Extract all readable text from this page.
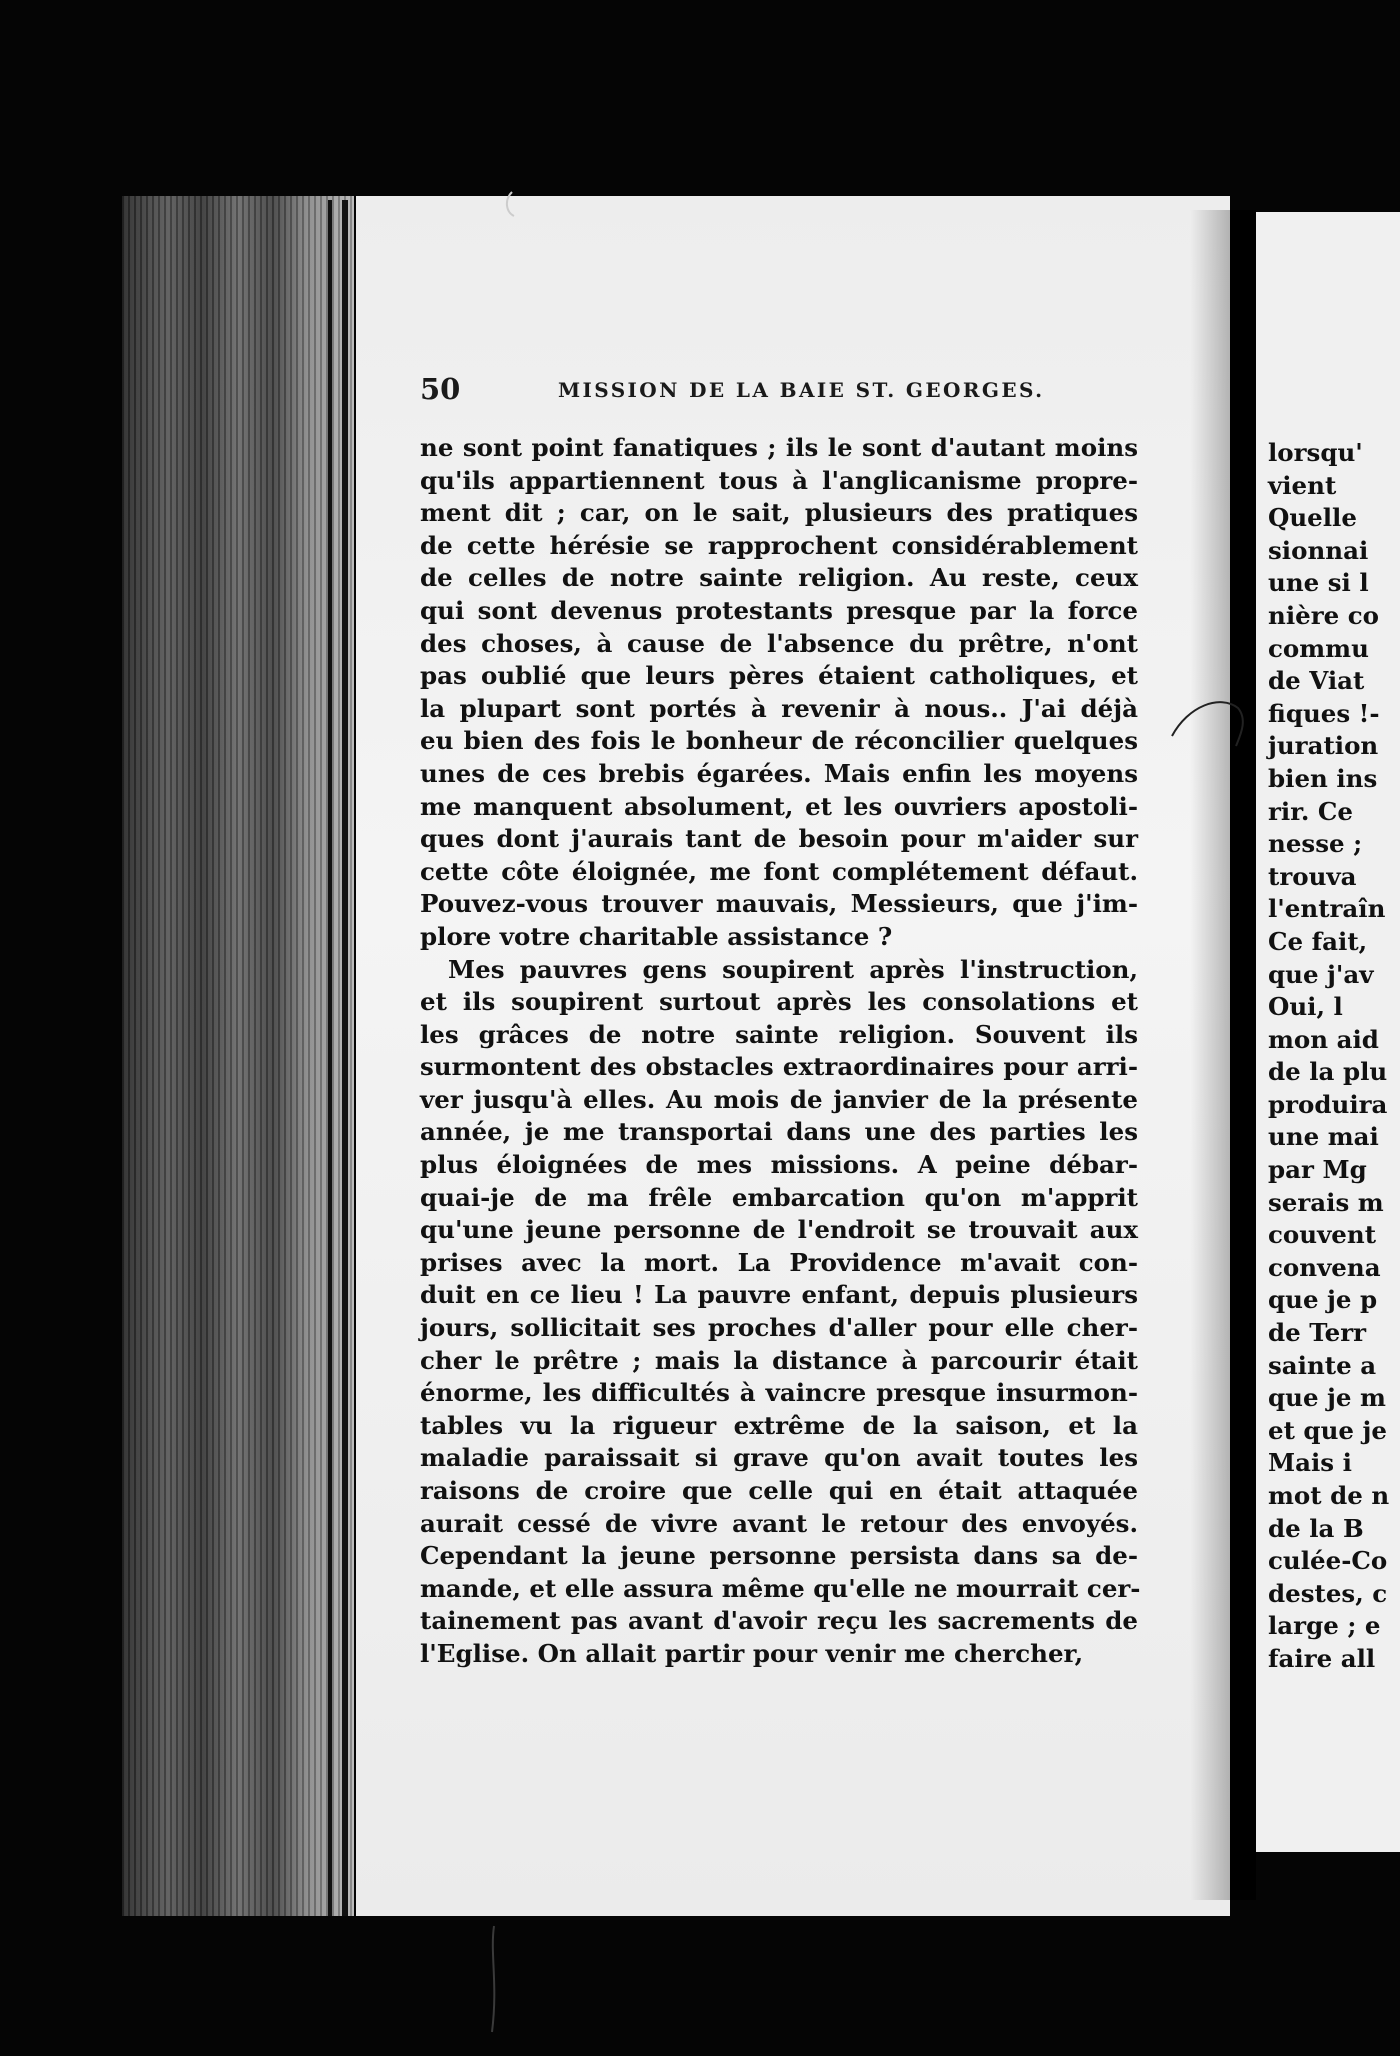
lorsqu'
vient
Quelle
sionnai
une si l
nière co
commu
de Viat
fiques !-
juration
bien ins
rir. Ce
nesse ;
trouva
l'entraîn
Ce fait,
que j'av
Oui, l
mon aid
de la plu
produira
une mai
par Mg
serais m
couvent
convena
que je p
de Terr
sainte a
que je m
et que je
Mais i
mot de n
de la B
culée-Co
destes, c
large ; e
faire all
50	MISSION DE LA BAIE ST. GEORGES.
ne sont point fanatiques ; ils le sont d'autant moins
qu'ils appartiennent tous à l'anglicanisme propre-
ment dit ; car, on le sait, plusieurs des pratiques
de cette hérésie se rapprochent considérablement
de celles de notre sainte religion. Au reste, ceux
qui sont devenus protestants presque par la force
des choses, à cause de l'absence du prêtre, n'ont
pas oublié que leurs pères étaient catholiques, et
la plupart sont portés à revenir à nous.. J'ai déjà
eu bien des fois le bonheur de réconcilier quelques
unes de ces brebis égarées. Mais enfin les moyens
me manquent absolument, et les ouvriers apostoli-
ques dont j'aurais tant de besoin pour m'aider sur
cette côte éloignée, me font complétement défaut.
Pouvez-vous trouver mauvais, Messieurs, que j'im-
plore votre charitable assistance ?
Mes pauvres gens soupirent après l'instruction,
et ils soupirent surtout après les consolations et
les grâces de notre sainte religion. Souvent ils
surmontent des obstacles extraordinaires pour arri-
ver jusqu'à elles. Au mois de janvier de la présente
année, je me transportai dans une des parties les
plus éloignées de mes missions. A peine débar-
quai-je de ma frêle embarcation qu'on m'apprit
qu'une jeune personne de l'endroit se trouvait aux
prises avec la mort. La Providence m'avait con-
duit en ce lieu ! La pauvre enfant, depuis plusieurs
jours, sollicitait ses proches d'aller pour elle cher-
cher le prêtre ; mais la distance à parcourir était
énorme, les difficultés à vaincre presque insurmon-
tables vu la rigueur extrême de la saison, et la
maladie paraissait si grave qu'on avait toutes les
raisons de croire que celle qui en était attaquée
aurait cessé de vivre avant le retour des envoyés.
Cependant la jeune personne persista dans sa de-
mande, et elle assura même qu'elle ne mourrait cer-
tainement pas avant d'avoir reçu les sacrements de
l'Eglise. On allait partir pour venir me chercher,
